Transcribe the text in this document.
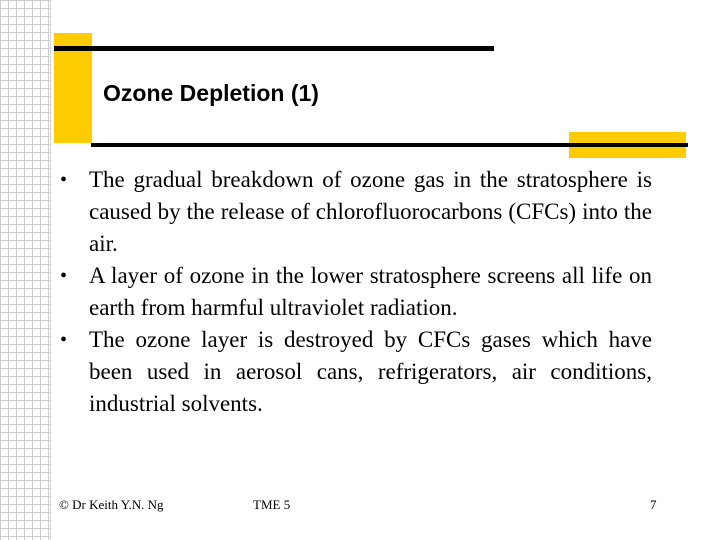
Ozone Depletion (1)
• The gradual breakdown of ozone gas in the stratosphere is caused by the release of chlorofluorocarbons (CFCs) into the air.
• A layer of ozone in the lower stratosphere screens all life on earth from harmful ultraviolet radiation.
• The ozone layer is destroyed by CFCs gases which have been used in aerosol cans, refrigerators, air conditions, industrial solvents.
© Dr Keith Y.N. Ng	TME 5	7
